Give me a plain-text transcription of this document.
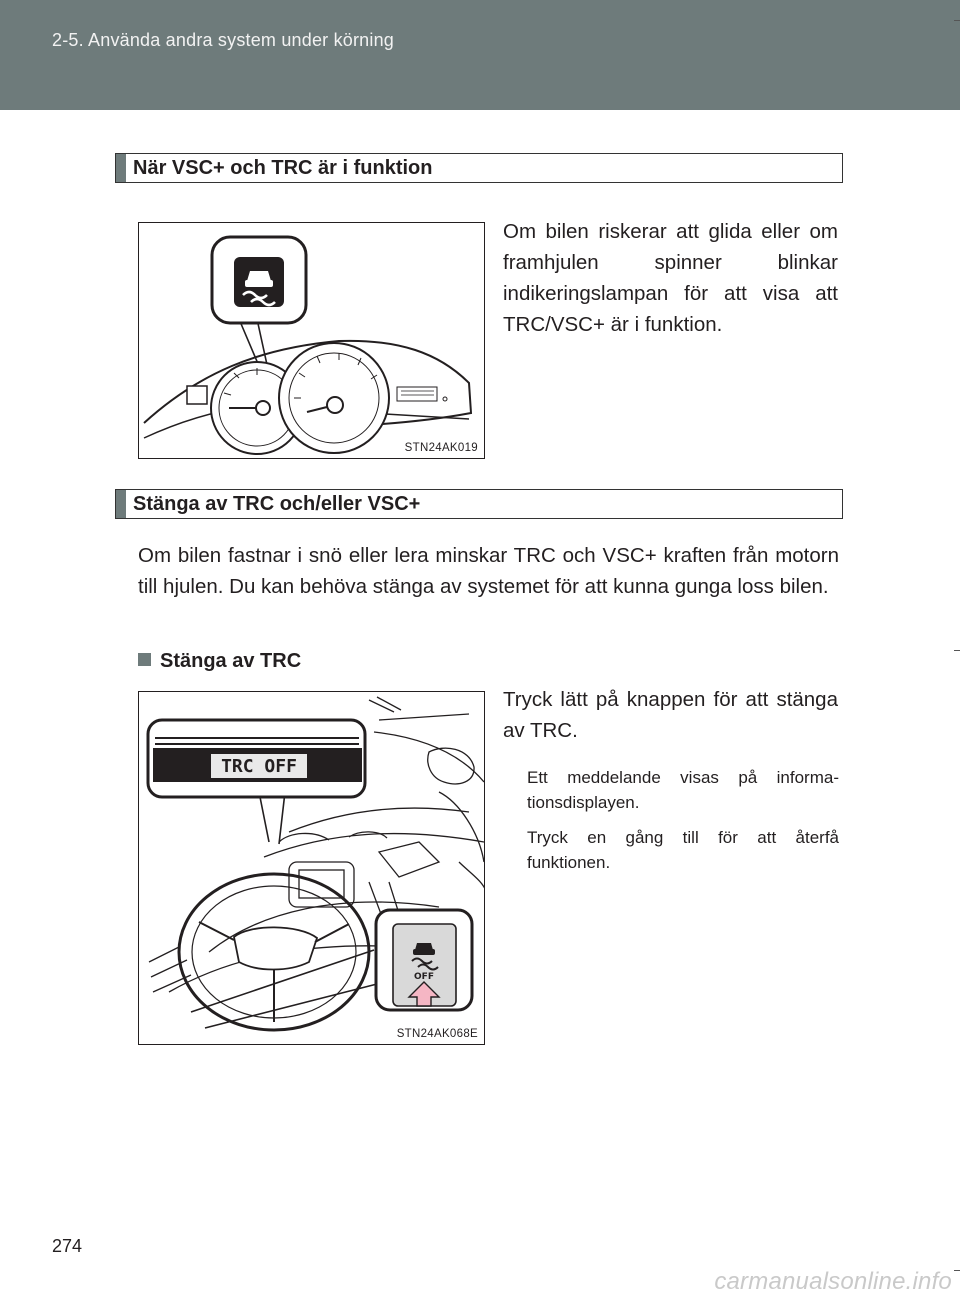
2-5. Använda andra system under körning
När VSC+ och TRC är i funktion
STN24AK019
Om bilen riskerar att glida eller om framhjulen spinner blinkar indikeringslampan för att visa att TRC/VSC+ är i funktion.
Stänga av TRC och/eller VSC+
Om bilen fastnar i snö eller lera minskar TRC och VSC+ kraften från motorn till hjulen. Du kan behöva stänga av systemet för att kunna gunga loss bilen.
Stänga av TRC
TRC OFF
OFF
STN24AK068E
Tryck lätt på knappen för att stänga av TRC.
Ett meddelande visas på informa-tionsdisplayen.
Tryck en gång till för att återfå funktionen.
274
carmanualsonline.info
